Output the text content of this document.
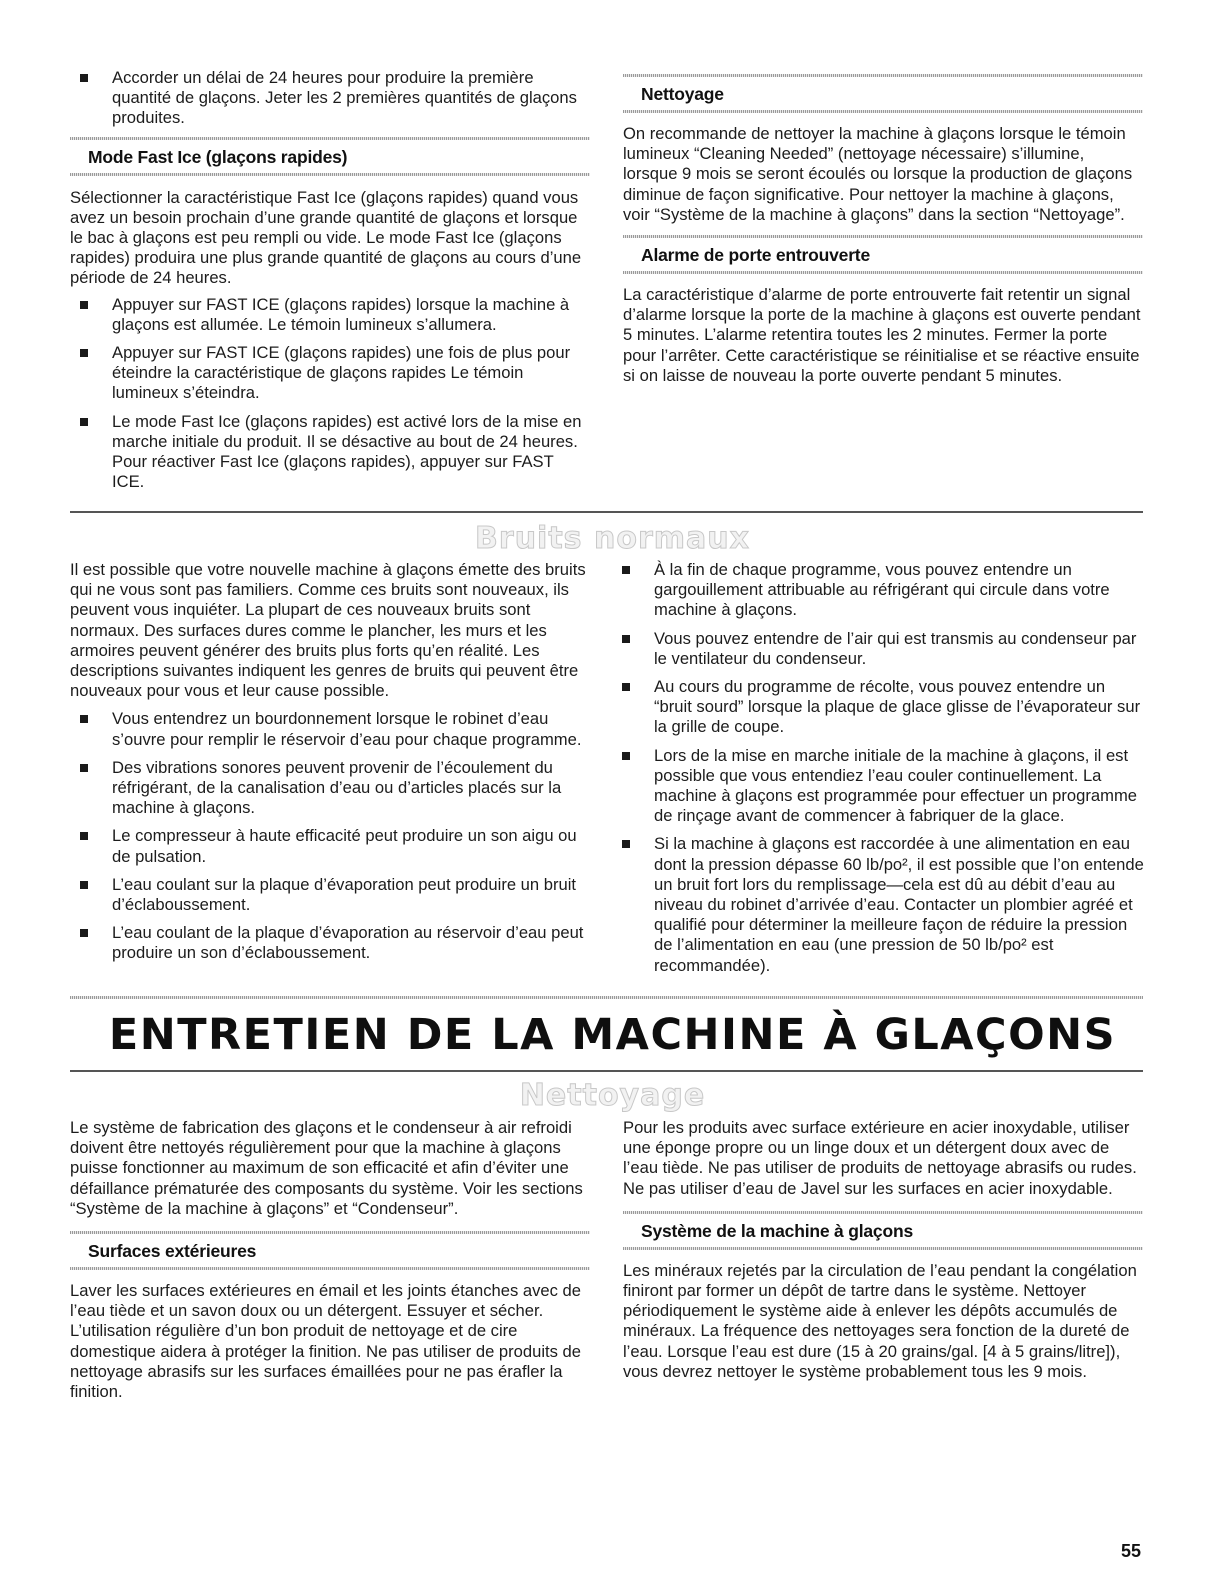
Accorder un délai de 24 heures pour produire la première quantité de glaçons. Jeter les 2 premières quantités de glaçons produites.
Mode Fast Ice (glaçons rapides)

Sélectionner la caractéristique Fast Ice (glaçons rapides) quand vous avez un besoin prochain d’une grande quantité de glaçons et lorsque le bac à glaçons est peu rempli ou vide. Le mode Fast Ice (glaçons rapides) produira une plus grande quantité de glaçons au cours d’une période de 24 heures.

Appuyer sur FAST ICE (glaçons rapides) lorsque la machine à glaçons est allumée. Le témoin lumineux s’allumera.
Appuyer sur FAST ICE (glaçons rapides) une fois de plus pour éteindre la caractéristique de glaçons rapides Le témoin lumineux s’éteindra.
Le mode Fast Ice (glaçons rapides) est activé lors de la mise en marche initiale du produit. Il se désactive au bout de 24 heures. Pour réactiver Fast Ice (glaçons rapides), appuyer sur FAST ICE.
Nettoyage

On recommande de nettoyer la machine à glaçons lorsque le témoin lumineux “Cleaning Needed” (nettoyage nécessaire) s’illumine, lorsque 9 mois se seront écoulés ou lorsque la production de glaçons diminue de façon significative. Pour nettoyer la machine à glaçons, voir “Système de la machine à glaçons” dans la section “Nettoyage”.

Alarme de porte entrouverte

La caractéristique d’alarme de porte entrouverte fait retentir un signal d’alarme lorsque la porte de la machine à glaçons est ouverte pendant 5 minutes. L’alarme retentira toutes les 2 minutes. Fermer la porte pour l’arrêter. Cette caractéristique se réinitialise et se réactive ensuite si on laisse de nouveau la porte ouverte pendant 5 minutes.

Bruits normaux

Il est possible que votre nouvelle machine à glaçons émette des bruits qui ne vous sont pas familiers. Comme ces bruits sont nouveaux, ils peuvent vous inquiéter. La plupart de ces nouveaux bruits sont normaux. Des surfaces dures comme le plancher, les murs et les armoires peuvent générer des bruits plus forts qu’en réalité. Les descriptions suivantes indiquent les genres de bruits qui peuvent être nouveaux pour vous et leur cause possible.

Vous entendrez un bourdonnement lorsque le robinet d’eau s’ouvre pour remplir le réservoir d’eau pour chaque programme.
Des vibrations sonores peuvent provenir de l’écoulement du réfrigérant, de la canalisation d’eau ou d’articles placés sur la machine à glaçons.
Le compresseur à haute efficacité peut produire un son aigu ou de pulsation.
L’eau coulant sur la plaque d’évaporation peut produire un bruit d’éclaboussement.
L’eau coulant de la plaque d’évaporation au réservoir d’eau peut produire un son d’éclaboussement.
À la fin de chaque programme, vous pouvez entendre un gargouillement attribuable au réfrigérant qui circule dans votre machine à glaçons.
Vous pouvez entendre de l’air qui est transmis au condenseur par le ventilateur du condenseur.
Au cours du programme de récolte, vous pouvez entendre un “bruit sourd” lorsque la plaque de glace glisse de l’évaporateur sur la grille de coupe.
Lors de la mise en marche initiale de la machine à glaçons, il est possible que vous entendiez l’eau couler continuellement. La machine à glaçons est programmée pour effectuer un programme de rinçage avant de commencer à fabriquer de la glace.
Si la machine à glaçons est raccordée à une alimentation en eau dont la pression dépasse 60 lb/po², il est possible que l’on entende un bruit fort lors du remplissage—cela est dû au débit d’eau au niveau du robinet d’arrivée d’eau. Contacter un plombier agréé et qualifié pour déterminer la meilleure façon de réduire la pression de l’alimentation en eau (une pression de 50 lb/po² est recommandée).
ENTRETIEN DE LA MACHINE À GLAÇONS
Nettoyage

Le système de fabrication des glaçons et le condenseur à air refroidi doivent être nettoyés régulièrement pour que la machine à glaçons puisse fonctionner au maximum de son efficacité et afin d’éviter une défaillance prématurée des composants du système. Voir les sections “Système de la machine à glaçons” et “Condenseur”.

Surfaces extérieures

Laver les surfaces extérieures en émail et les joints étanches avec de l’eau tiède et un savon doux ou un détergent. Essuyer et sécher. L’utilisation régulière d’un bon produit de nettoyage et de cire domestique aidera à protéger la finition. Ne pas utiliser de produits de nettoyage abrasifs sur les surfaces émaillées pour ne pas érafler la finition.

Pour les produits avec surface extérieure en acier inoxydable, utiliser une éponge propre ou un linge doux et un détergent doux avec de l’eau tiède. Ne pas utiliser de produits de nettoyage abrasifs ou rudes. Ne pas utiliser d’eau de Javel sur les surfaces en acier inoxydable.

Système de la machine à glaçons

Les minéraux rejetés par la circulation de l’eau pendant la congélation finiront par former un dépôt de tartre dans le système. Nettoyer périodiquement le système aide à enlever les dépôts accumulés de minéraux. La fréquence des nettoyages sera fonction de la dureté de l’eau. Lorsque l’eau est dure (15 à 20 grains/gal. [4 à 5 grains/litre]), vous devrez nettoyer le système probablement tous les 9 mois.

55
